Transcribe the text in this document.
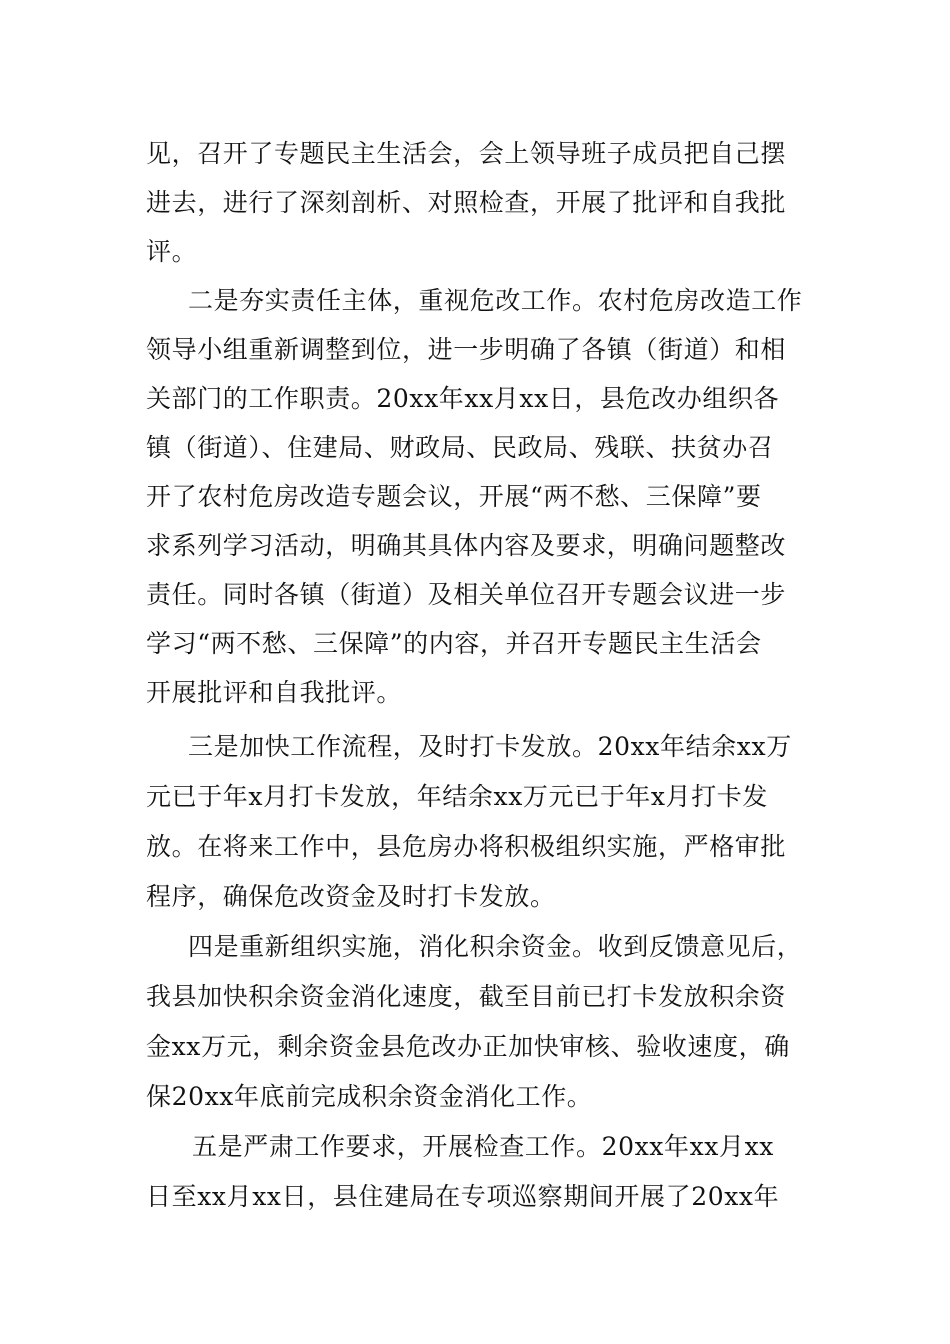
见，召开了专题民主生活会，会上领导班子成员把自己摆
进去，进行了深刻剖析、对照检查，开展了批评和自我批
评。
二是夯实责任主体，重视危改工作。农村危房改造工作
领导小组重新调整到位，进一步明确了各镇（街道）和相
关部门的工作职责。20xx年xx月xx日，县危改办组织各
镇（街道）、住建局、财政局、民政局、残联、扶贫办召
开了农村危房改造专题会议，开展“两不愁、三保障”要
求系列学习活动，明确其具体内容及要求，明确问题整改
责任。同时各镇（街道）及相关单位召开专题会议进一步
学习“两不愁、三保障”的内容，并召开专题民主生活会
开展批评和自我批评。
三是加快工作流程，及时打卡发放。20xx年结余xx万
元已于年x月打卡发放，年结余xx万元已于年x月打卡发
放。在将来工作中，县危房办将积极组织实施，严格审批
程序，确保危改资金及时打卡发放。
四是重新组织实施，消化积余资金。收到反馈意见后，
我县加快积余资金消化速度，截至目前已打卡发放积余资
金xx万元，剩余资金县危改办正加快审核、验收速度，确
保20xx年底前完成积余资金消化工作。
五是严肃工作要求，开展检查工作。20xx年xx月xx
日至xx月xx日，县住建局在专项巡察期间开展了20xx年
